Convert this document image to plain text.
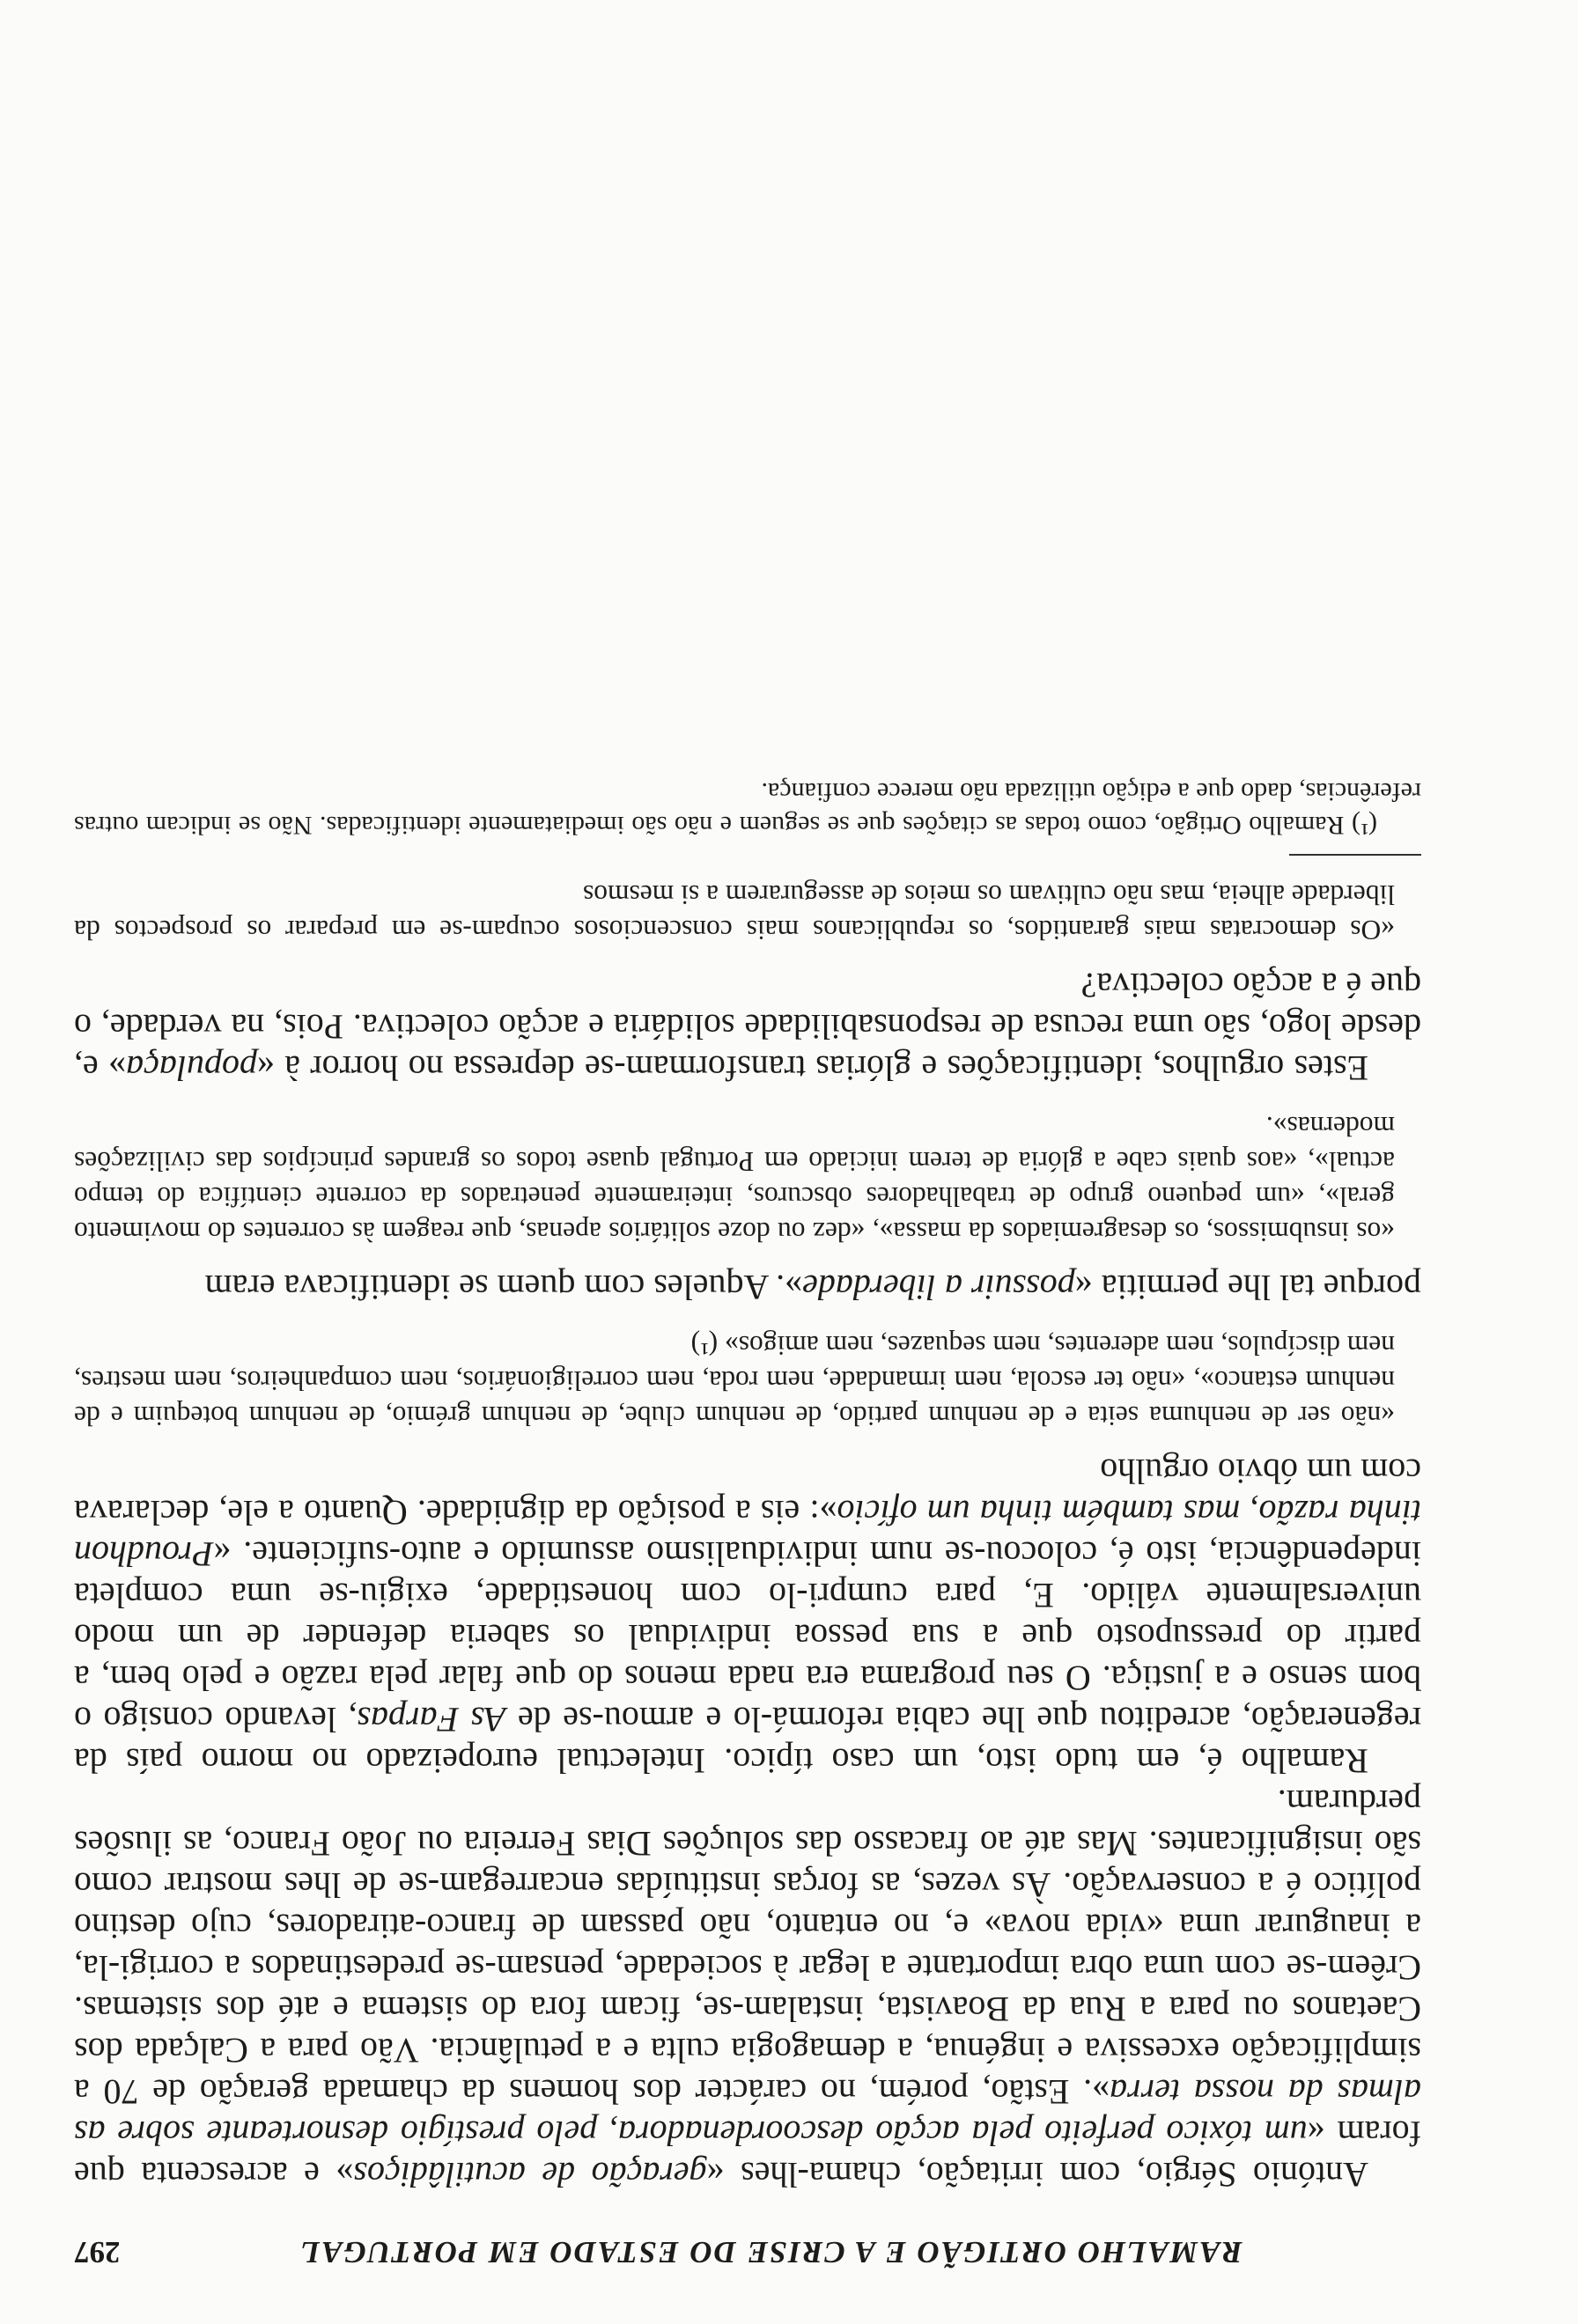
RAMALHO ORTIGÃO E A CRISE DO ESTADO EM PORTUGAL
297

António Sérgio, com irritação, chama-lhes «geração de acutilâdiços» e acrescenta que foram «um tóxico perfeito pela acção descoordenadora, pelo prestígio desnorteante sobre as almas da nossa terra». Estão, porém, no carácter dos homens da chamada geração de 70 a simplificação excessiva e ingénua, a demagogia culta e a petulância. Vão para a Calçada dos Caetanos ou para a Rua da Boavista, instalam-se, ficam fora do sistema e até dos sistemas. Crêem-se com uma obra importante a legar à sociedade, pensam-se predestinados a corrigi-la, a inaugurar uma «vida nova» e, no entanto, não passam de franco-atiradores, cujo destino político é a conservação. Às vezes, as forças instituídas encarregam-se de lhes mostrar como são insignificantes. Mas até ao fracasso das soluções Dias Ferreira ou João Franco, as ilusões perduram.

Ramalho é, em tudo isto, um caso típico. Intelectual europeizado no morno país da regeneração, acreditou que lhe cabia reformá-lo e armou-se de As Farpas, levando consigo o bom senso e a justiça. O seu programa era nada menos do que falar pela razão e pelo bem, a partir do pressuposto que a sua pessoa individual os saberia defender de um modo universalmente válido. E, para cumpri-lo com honestidade, exigiu-se uma completa independência, isto é, colocou-se num individualismo assumido e auto-suficiente. «Proudhon tinha razão, mas também tinha um ofício»: eis a posição da dignidade. Quanto a ele, declarava com um óbvio orgulho

«não ser de nenhuma seita e de nenhum partido, de nenhum clube, de nenhum grémio, de nenhum botequim e de nenhum estanco», «não ter escola, nem irmandade, nem roda, nem correligionários, nem companheiros, nem mestres, nem discípulos, nem aderentes, nem sequazes, nem amigos» (¹)

porque tal lhe permitia «possuir a liberdade». Aqueles com quem se identificava eram

«os insubmissos, os desagremiados da massa», «dez ou doze solitários apenas, que reagem às correntes do movimento geral», «um pequeno grupo de trabalhadores obscuros, inteiramente penetrados da corrente científica do tempo actual», «aos quais cabe a glória de terem iniciado em Portugal quase todos os grandes princípios das civilizações modernas».

Estes orgulhos, identificações e glórias transformam-se depressa no horror à «populaça» e, desde logo, são uma recusa de responsabilidade solidária e acção colectiva. Pois, na verdade, o que é a acção colectiva?

«Os democratas mais garantidos, os republicanos mais conscenciosos ocupam-se em preparar os prospectos da liberdade alheia, mas não cultivam os meios de assegurarem a si mesmos

(¹) Ramalho Ortigão, como todas as citações que se seguem e não são imediatamente identificadas. Não se indicam outras referências, dado que a edição utilizada não merece confiança.
